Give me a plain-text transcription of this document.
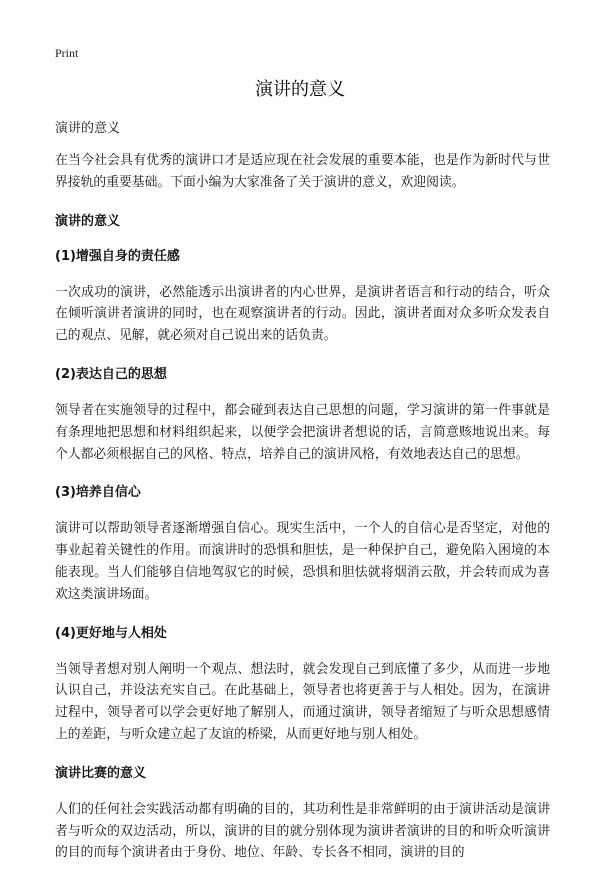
Print
演讲的意义

演讲的意义

在当今社会具有优秀的演讲口才是适应现在社会发展的重要本能，也是作为新时代与世界接轨的重要基础。下面小编为大家准备了关于演讲的意义，欢迎阅读。

演讲的意义
(1)增强自身的责任感

一次成功的演讲，必然能透示出演讲者的内心世界，是演讲者语言和行动的结合，听众在倾听演讲者演讲的同时，也在观察演讲者的行动。因此，演讲者面对众多听众发表自己的观点、见解，就必须对自己说出来的话负责。

(2)表达自己的思想

领导者在实施领导的过程中，都会碰到表达自己思想的问题，学习演讲的第一件事就是有条理地把思想和材料组织起来，以便学会把演讲者想说的话，言简意赅地说出来。每个人都必须根据自己的风格、特点，培养自己的演讲风格，有效地表达自己的思想。

(3)培养自信心

演讲可以帮助领导者逐渐增强自信心。现实生活中，一个人的自信心是否坚定，对他的事业起着关键性的作用。而演讲时的恐惧和胆怯，是一种保护自己，避免陷入困境的本能表现。当人们能够自信地驾驭它的时候，恐惧和胆怯就将烟消云散，并会转而成为喜欢这类演讲场面。

(4)更好地与人相处

当领导者想对别人阐明一个观点、想法时，就会发现自己到底懂了多少，从而进一步地认识自己，并设法充实自己。在此基础上，领导者也将更善于与人相处。因为，在演讲过程中，领导者可以学会更好地了解别人，而通过演讲，领导者缩短了与听众思想感情上的差距，与听众建立起了友谊的桥梁，从而更好地与别人相处。

演讲比赛的意义

人们的任何社会实践活动都有明确的目的，其功利性是非常鲜明的由于演讲活动是演讲者与听众的双边活动，所以，演讲的目的就分别体现为演讲者演讲的目的和听众听演讲的目的而每个演讲者由于身份、地位、年龄、专长各不相同，演讲的目的
